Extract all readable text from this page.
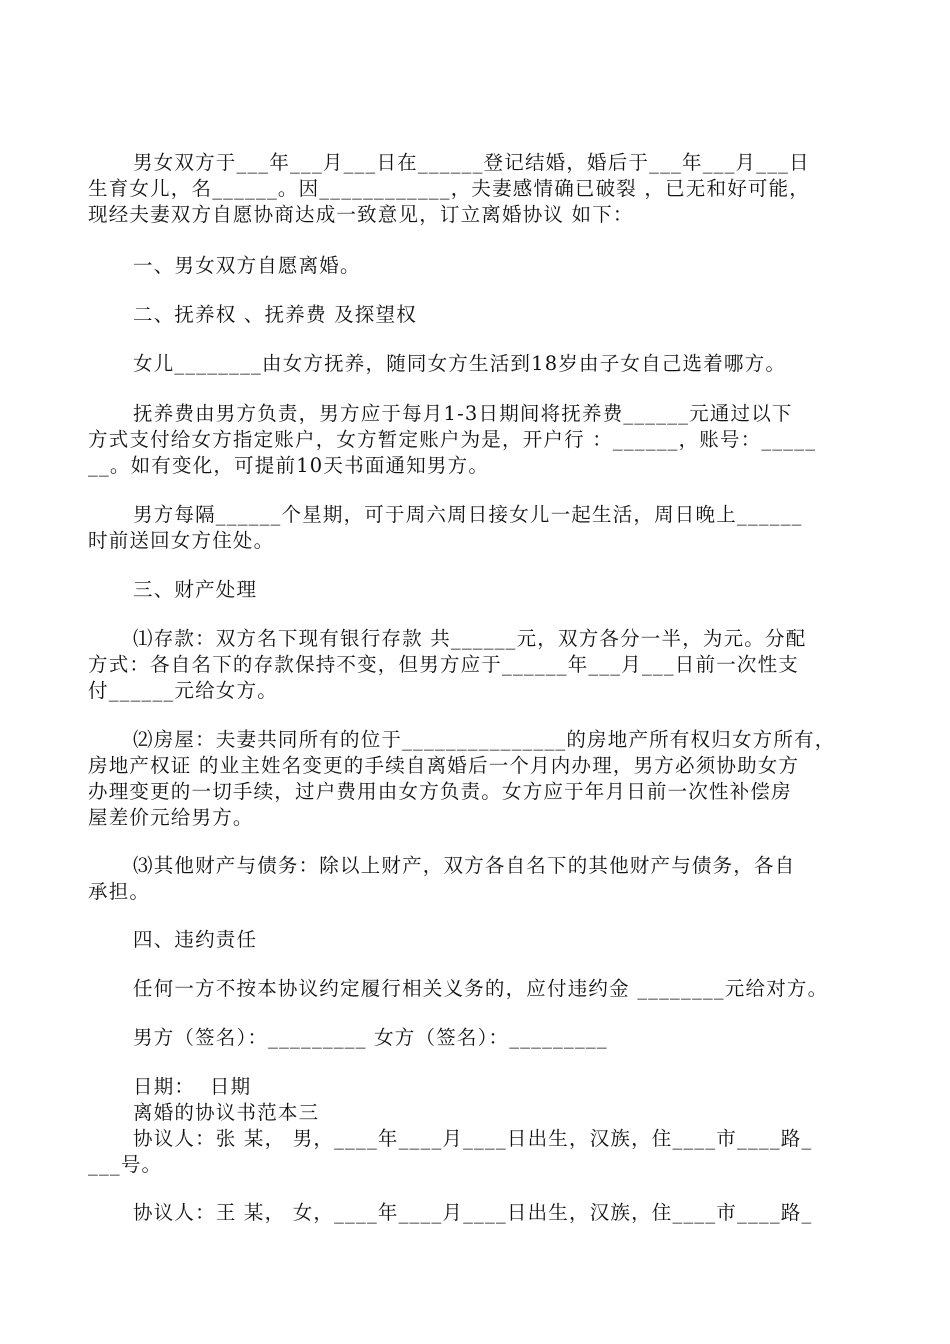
男女双方于___年___月___日在______登记结婚，婚后于___年___月___日
生育女儿，名______。因____________，夫妻感情确已破裂 ，已无和好可能，
现经夫妻双方自愿协商达成一致意见，订立离婚协议 如下：
一、男女双方自愿离婚。
二、抚养权 、抚养费 及探望权
女儿________由女方抚养，随同女方生活到18岁由子女自己选着哪方。
抚养费由男方负责，男方应于每月1-3日期间将抚养费______元通过以下
方式支付给女方指定账户，女方暂定账户为是，开户行 ：______，账号：_____
__。如有变化，可提前10天书面通知男方。
男方每隔______个星期，可于周六周日接女儿一起生活，周日晚上______
时前送回女方住处。
三、财产处理
⑴存款：双方名下现有银行存款 共______元，双方各分一半，为元。分配
方式：各自名下的存款保持不变，但男方应于______年___月___日前一次性支
付______元给女方。
⑵房屋：夫妻共同所有的位于_______________的房地产所有权归女方所有，
房地产权证 的业主姓名变更的手续自离婚后一个月内办理，男方必须协助女方
办理变更的一切手续，过户费用由女方负责。女方应于年月日前一次性补偿房
屋差价元给男方。
⑶其他财产与债务：除以上财产，双方各自名下的其他财产与债务，各自
承担。
四、违约责任
任何一方不按本协议约定履行相关义务的，应付违约金 ________元给对方。
男方（签名）：_________ 女方（签名）：_________
日期：  日期
离婚的协议书范本三
协议人：张 某， 男，____年____月____日出生，汉族，住____市____路_
___号。
协议人：王 某， 女，____年____月____日出生，汉族，住____市____路_
